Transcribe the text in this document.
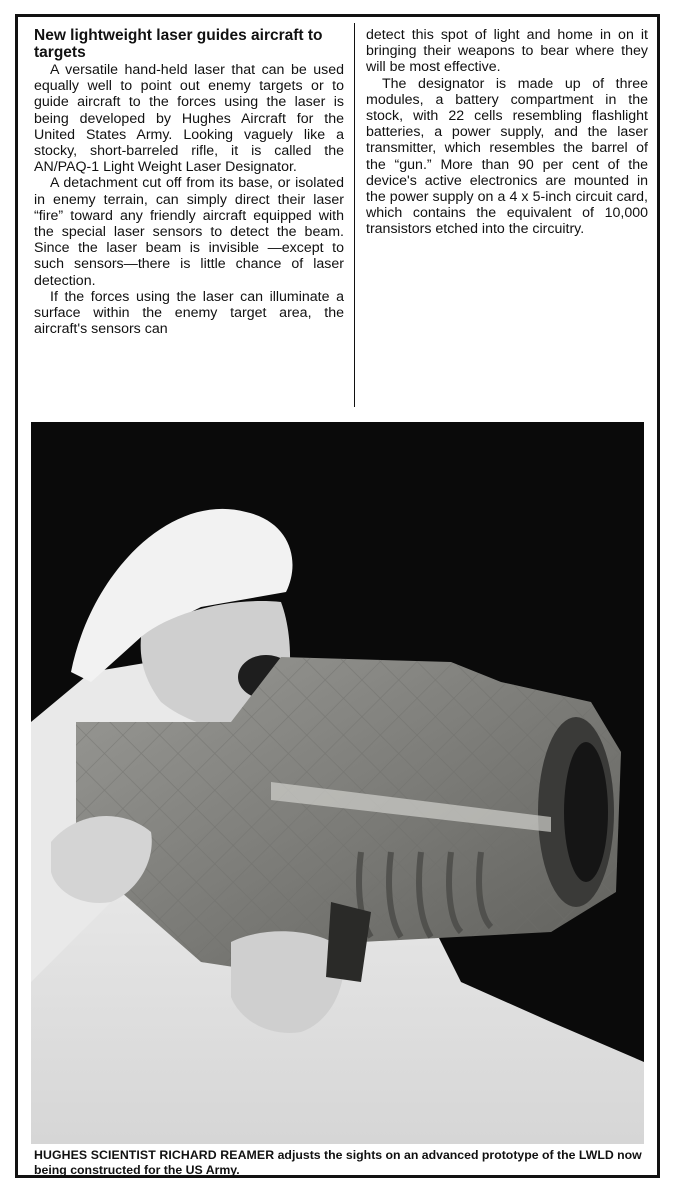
New lightweight laser guides aircraft to targets

A versatile hand-held laser that can be used equally well to point out enemy targets or to guide aircraft to the forces using the laser is being developed by Hughes Aircraft for the United States Army. Looking vaguely like a stocky, short-barreled rifle, it is called the AN/PAQ-1 Light Weight Laser Designator.

A detachment cut off from its base, or isolated in enemy terrain, can simply direct their laser “fire” toward any friendly aircraft equipped with the special laser sensors to detect the beam. Since the laser beam is invisible —except to such sensors—there is little chance of laser detection.

If the forces using the laser can illuminate a surface within the enemy target area, the aircraft's sensors can

detect this spot of light and home in on it bringing their weapons to bear where they will be most effective.

The designator is made up of three modules, a battery compartment in the stock, with 22 cells resembling flashlight batteries, a power supply, and the laser transmitter, which resembles the barrel of the “gun.” More than 90 per cent of the device's active electronics are mounted in the power supply on a 4 x 5-inch circuit card, which contains the equivalent of 10,000 transistors etched into the circuitry.

HUGHES SCIENTIST RICHARD REAMER adjusts the sights on an advanced prototype of the LWLD now being constructed for the US Army.
